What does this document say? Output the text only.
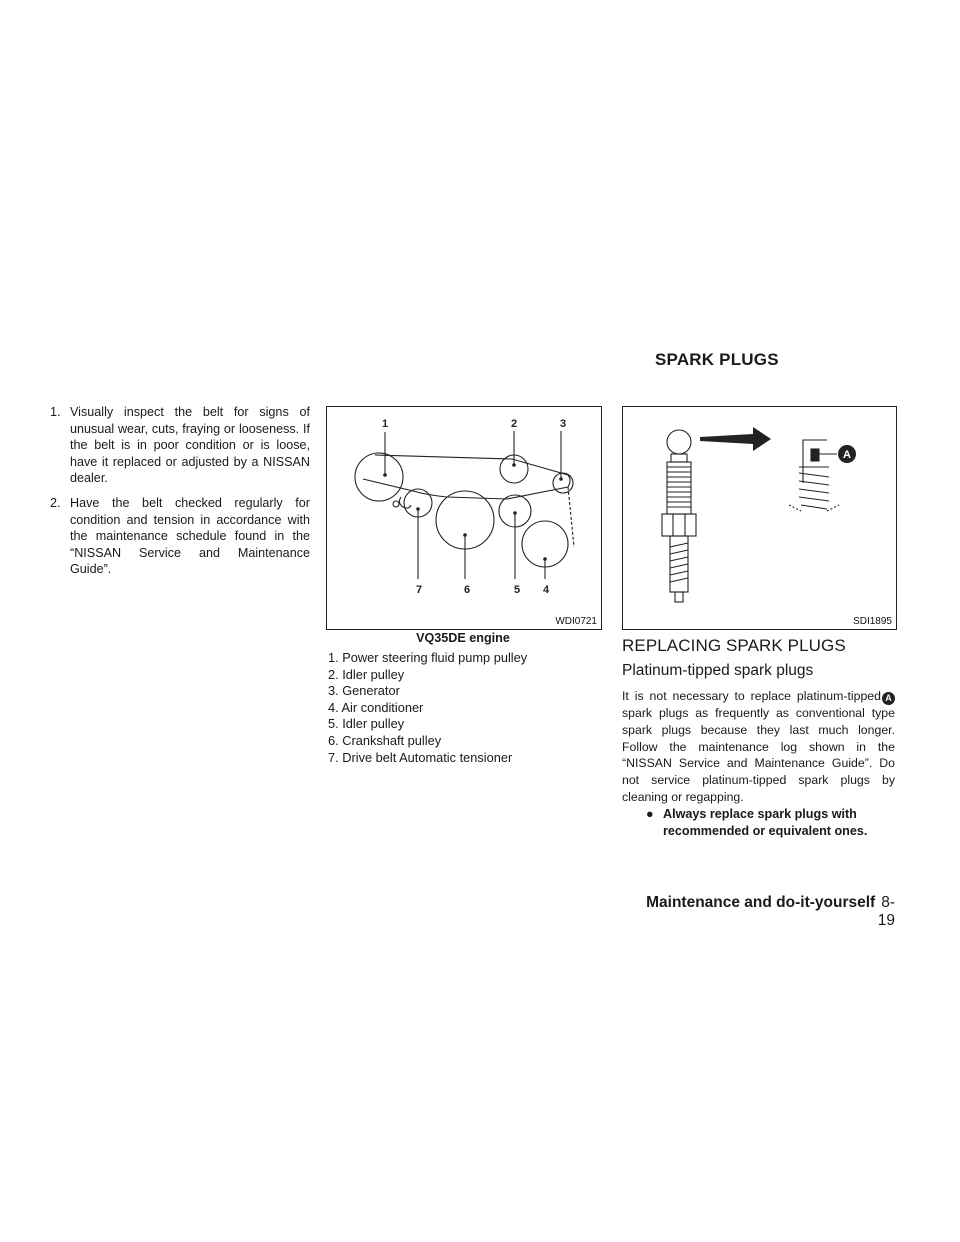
SPARK PLUGS
1. Visually inspect the belt for signs of unusual wear, cuts, fraying or looseness. If the belt is in poor condition or is loose, have it replaced or adjusted by a NISSAN dealer.
2. Have the belt checked regularly for condition and tension in accordance with the maintenance schedule found in the “NISSAN Service and Maintenance Guide”.
1	2	3
4
5
6
7
WDI0721
VQ35DE engine
1. Power steering fluid pump pulley
2. Idler pulley
3. Generator
4. Air conditioner
5. Idler pulley
6. Crankshaft pulley
7. Drive belt Automatic tensioner
A
SDI1895
REPLACING SPARK PLUGS
Platinum-tipped spark plugs
It is not necessary to replace platinum-tipped A spark plugs as frequently as conventional type spark plugs because they last much longer. Follow the maintenance log shown in the “NISSAN Service and Maintenance Guide”. Do not service platinum-tipped spark plugs by cleaning or regapping.
● Always replace spark plugs with recommended or equivalent ones.
Maintenance and do-it-yourself 8-19
